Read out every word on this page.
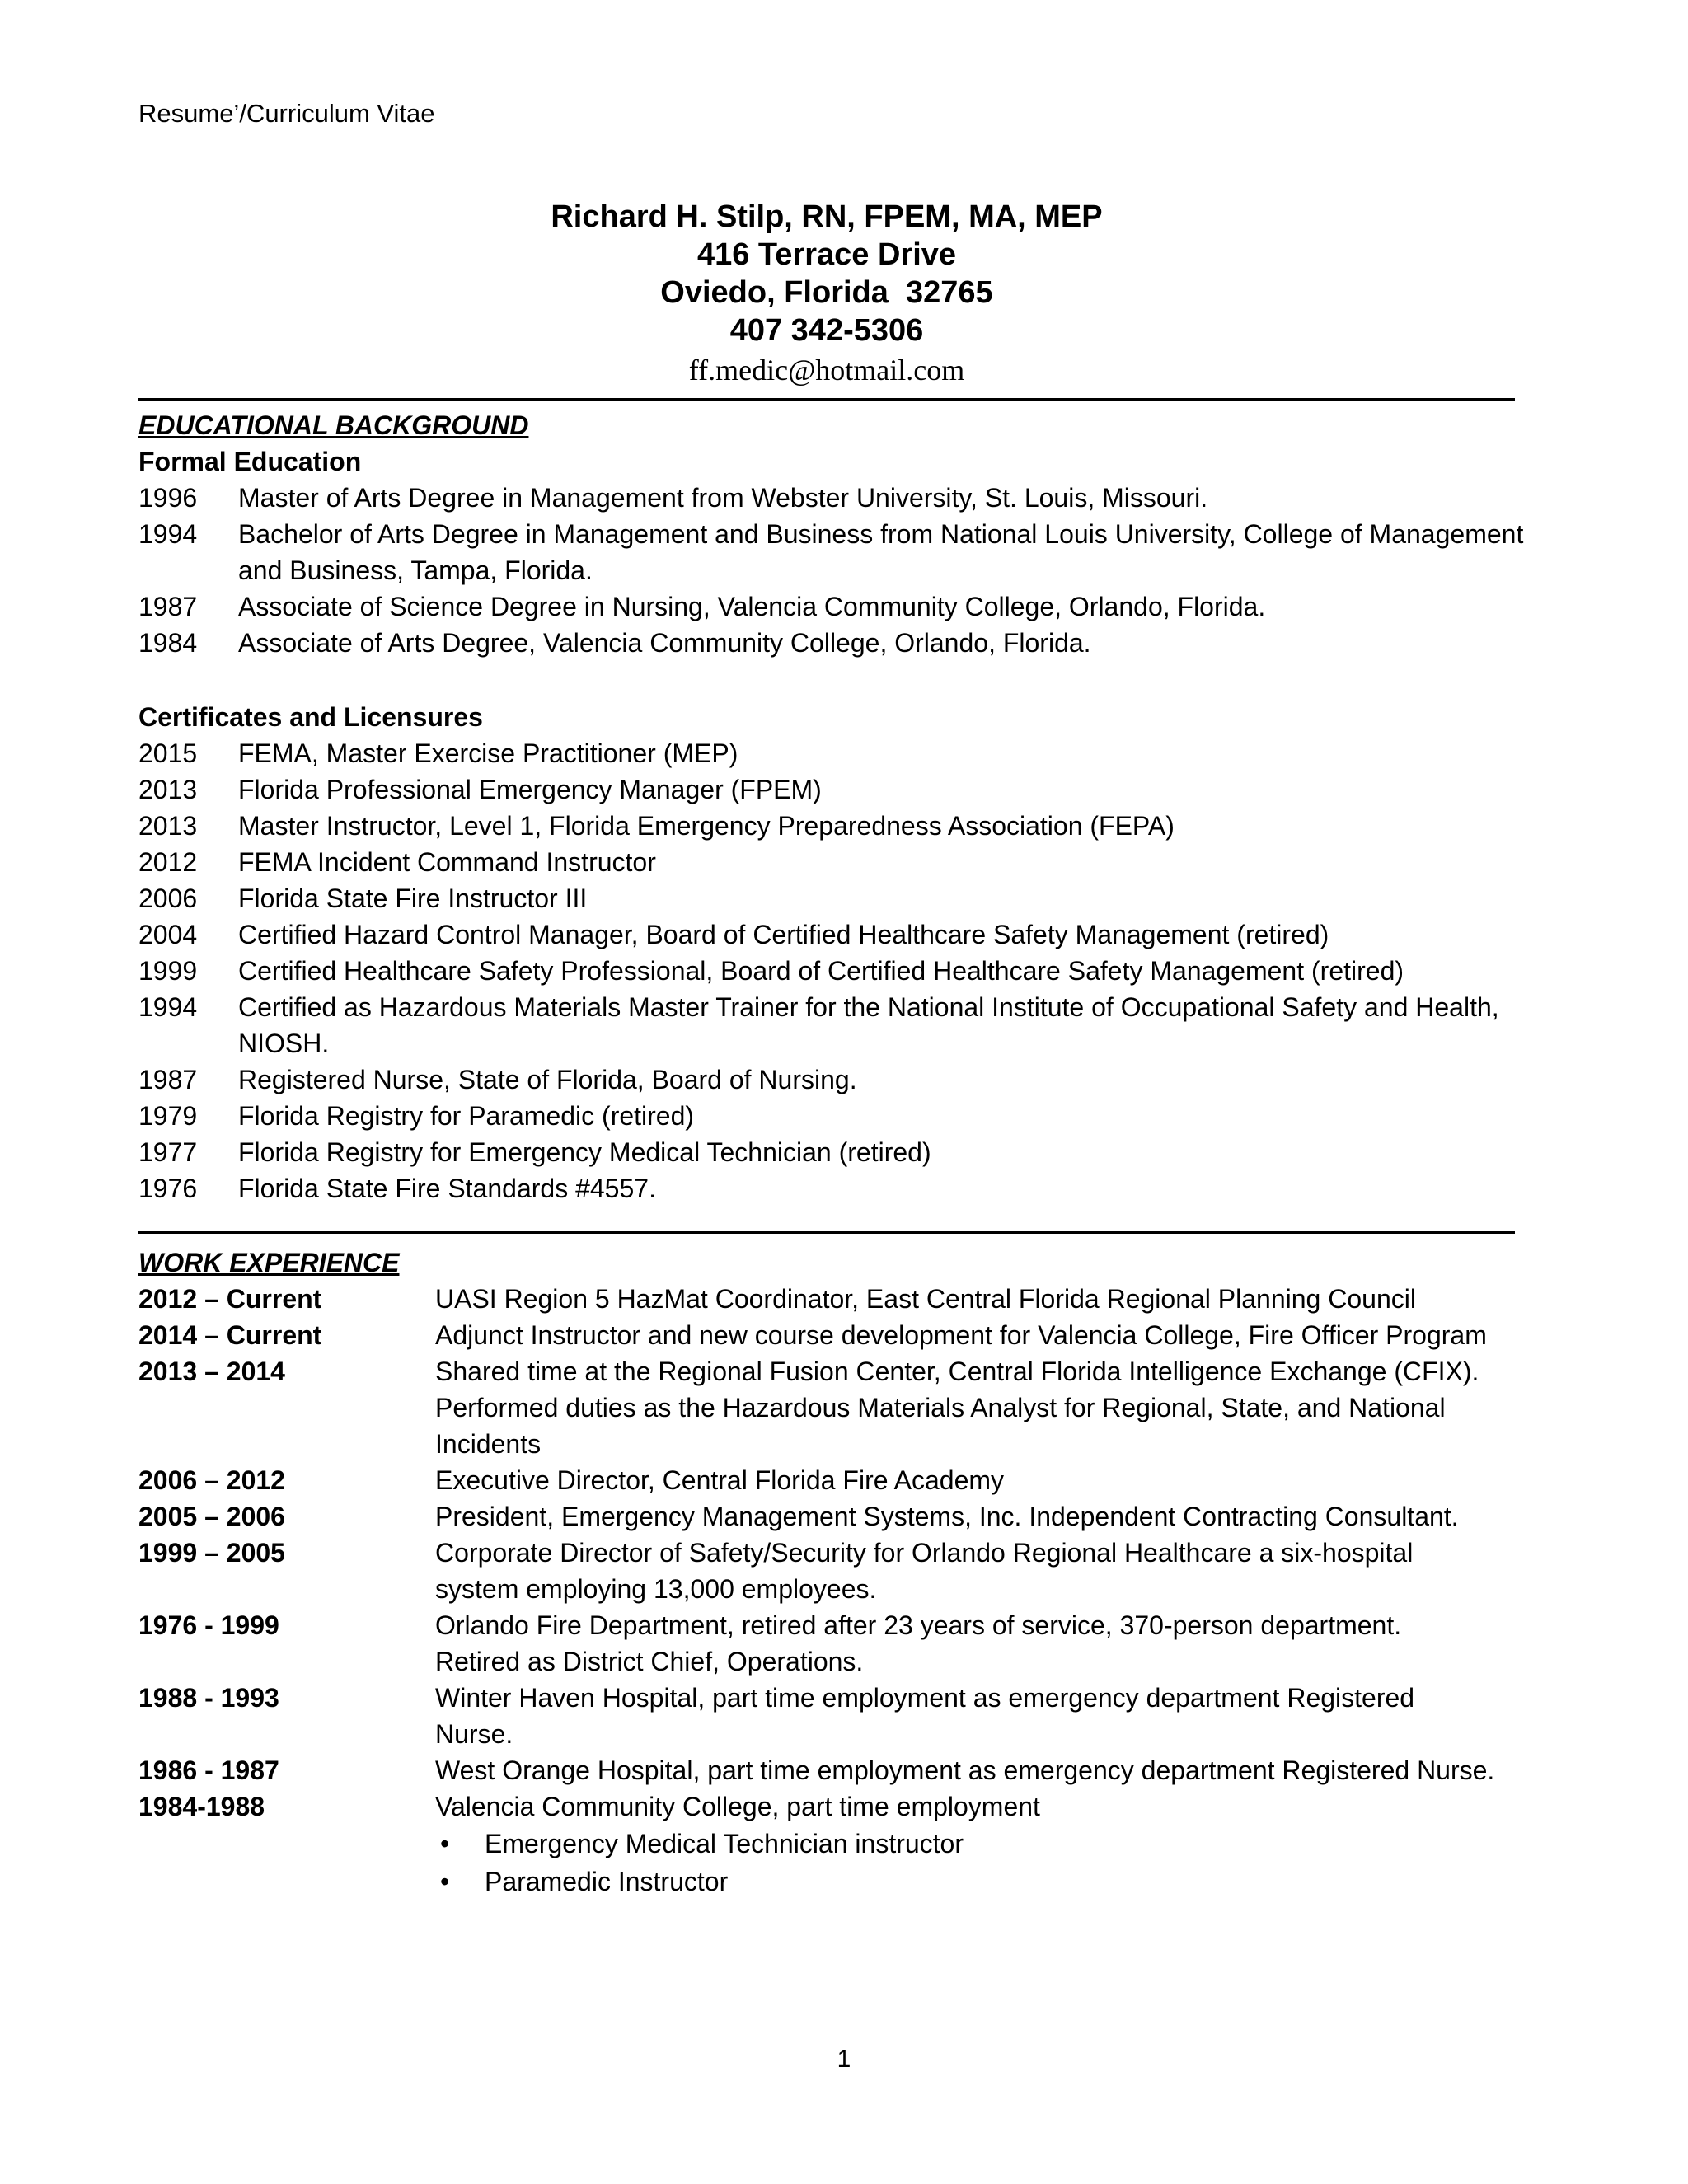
Resume’/Curriculum Vitae
Richard H. Stilp, RN, FPEM, MA, MEP
416 Terrace Drive
Oviedo, Florida  32765
407 342-5306
ff.medic@hotmail.com
EDUCATIONAL BACKGROUND
Formal Education
1996	Master of Arts Degree in Management from Webster University, St. Louis, Missouri.
1994	Bachelor of Arts Degree in Management and Business from National Louis University, College of Management and Business, Tampa, Florida.
1987	Associate of Science Degree in Nursing, Valencia Community College, Orlando, Florida.
1984	Associate of Arts Degree, Valencia Community College, Orlando, Florida.
Certificates and Licensures
2015	FEMA, Master Exercise Practitioner (MEP)
2013	Florida Professional Emergency Manager (FPEM)
2013	Master Instructor, Level 1, Florida Emergency Preparedness Association (FEPA)
2012	FEMA Incident Command Instructor
2006	Florida State Fire Instructor III
2004	Certified Hazard Control Manager, Board of Certified Healthcare Safety Management (retired)
1999	Certified Healthcare Safety Professional, Board of Certified Healthcare Safety Management (retired)
1994	Certified as Hazardous Materials Master Trainer for the National Institute of Occupational Safety and Health, NIOSH.
1987	Registered Nurse, State of Florida, Board of Nursing.
1979	Florida Registry for Paramedic (retired)
1977	Florida Registry for Emergency Medical Technician (retired)
1976	Florida State Fire Standards #4557.
WORK EXPERIENCE
2012 – Current	UASI Region 5 HazMat Coordinator, East Central Florida Regional Planning Council
2014 – Current	Adjunct Instructor and new course development for Valencia College, Fire Officer Program
2013 – 2014	Shared time at the Regional Fusion Center, Central Florida Intelligence Exchange (CFIX). Performed duties as the Hazardous Materials Analyst for Regional, State, and National Incidents
2006 – 2012	Executive Director, Central Florida Fire Academy
2005 – 2006	President, Emergency Management Systems, Inc. Independent Contracting Consultant.
1999 – 2005	Corporate Director of Safety/Security for Orlando Regional Healthcare a six-hospital system employing 13,000 employees.
1976 - 1999	Orlando Fire Department, retired after 23 years of service, 370-person department. Retired as District Chief, Operations.
1988 - 1993	Winter Haven Hospital, part time employment as emergency department Registered Nurse.
1986 - 1987	West Orange Hospital, part time employment as emergency department Registered Nurse.
1984-1988	Valencia Community College, part time employment
•	Emergency Medical Technician instructor
•	Paramedic Instructor
1
